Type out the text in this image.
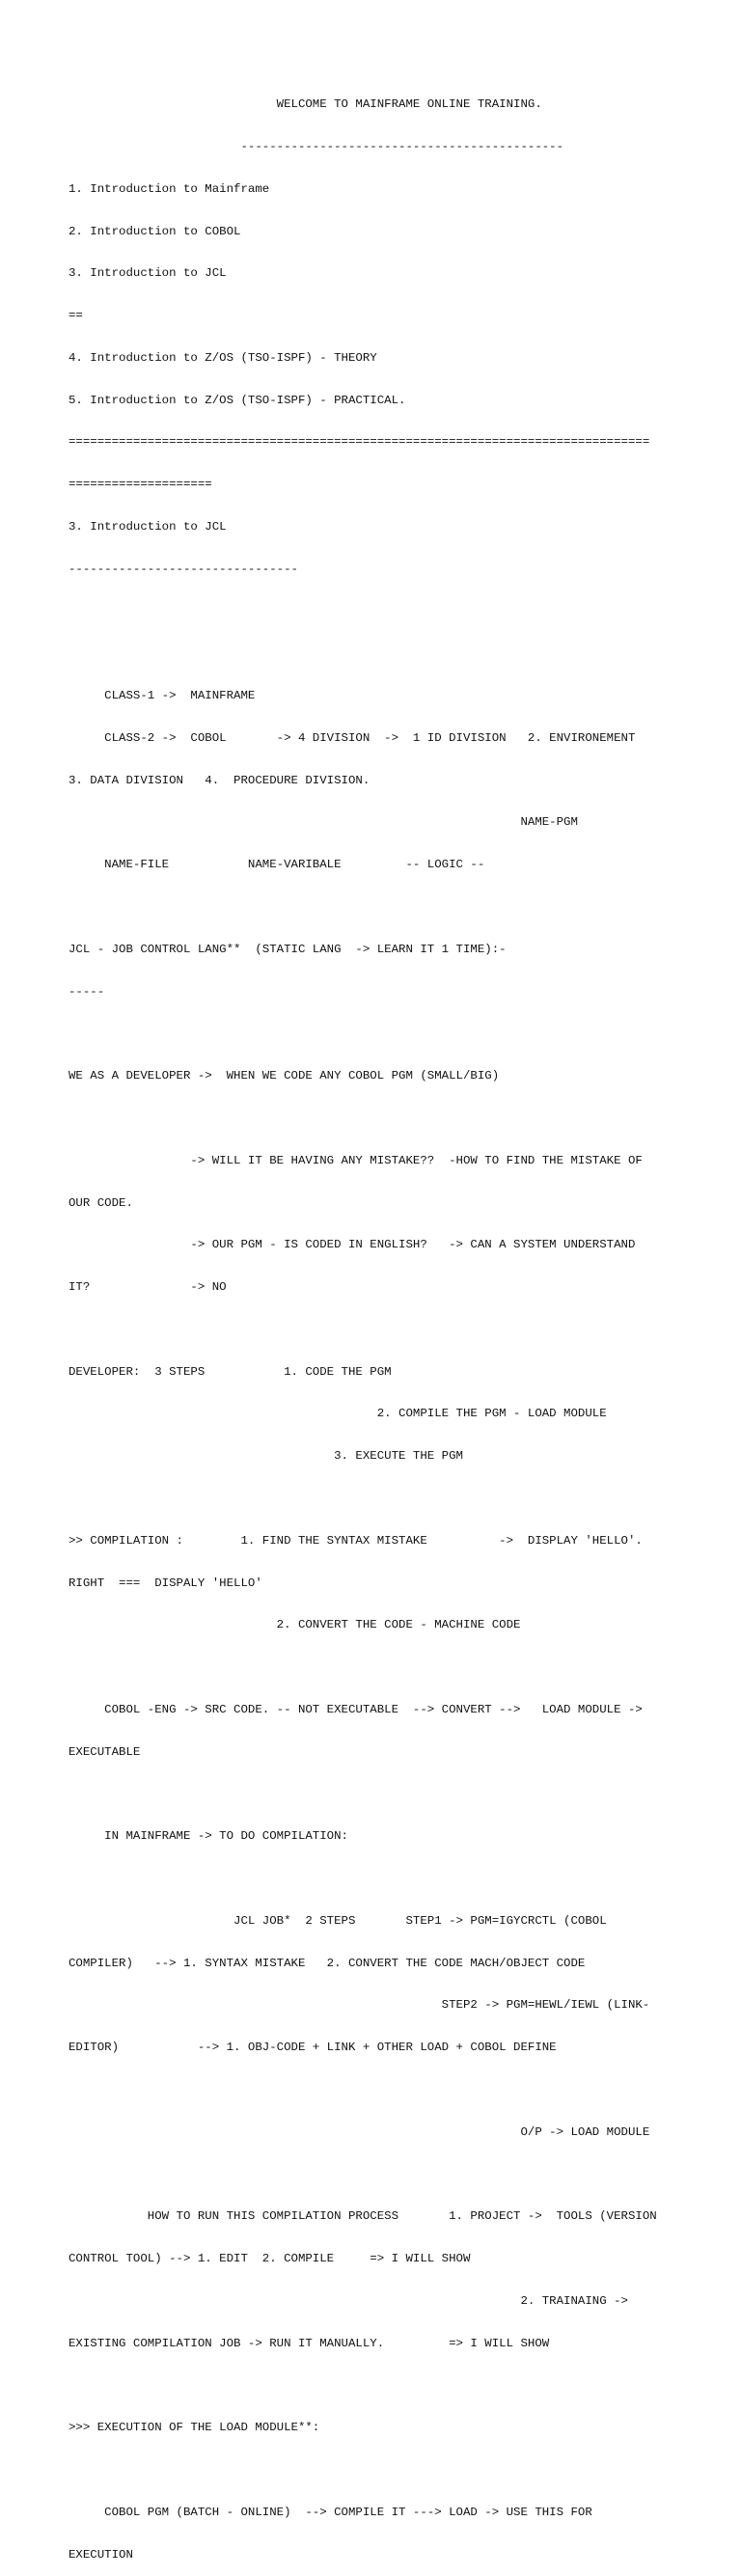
WELCOME TO MAINFRAME ONLINE TRAINING.

---------------------------------------------

1. Introduction to Mainframe

2. Introduction to COBOL

3. Introduction to JCL

==

4. Introduction to Z/OS (TSO-ISPF) - THEORY

5. Introduction to Z/OS (TSO-ISPF) - PRACTICAL.

=================================================================================

====================

3. Introduction to JCL

--------------------------------

CLASS-1 ->  MAINFRAME

CLASS-2 ->  COBOL       -> 4 DIVISION  ->  1 ID DIVISION   2. ENVIRONEMENT

3. DATA DIVISION   4.  PROCEDURE DIVISION.

NAME-PGM

NAME-FILE           NAME-VARIBALE         -- LOGIC --

JCL - JOB CONTROL LANG**  (STATIC LANG  -> LEARN IT 1 TIME):-

-----

WE AS A DEVELOPER ->  WHEN WE CODE ANY COBOL PGM (SMALL/BIG)

-> WILL IT BE HAVING ANY MISTAKE??  -HOW TO FIND THE MISTAKE OF

OUR CODE.

-> OUR PGM - IS CODED IN ENGLISH?   -> CAN A SYSTEM UNDERSTAND

IT?              -> NO

DEVELOPER:  3 STEPS           1. CODE THE PGM

2. COMPILE THE PGM - LOAD MODULE

3. EXECUTE THE PGM

>> COMPILATION :        1. FIND THE SYNTAX MISTAKE          ->  DISPLAY 'HELLO'.

RIGHT  ===  DISPALY 'HELLO'

2. CONVERT THE CODE - MACHINE CODE

COBOL -ENG -> SRC CODE. -- NOT EXECUTABLE  --> CONVERT -->   LOAD MODULE ->

EXECUTABLE

IN MAINFRAME -> TO DO COMPILATION:

JCL JOB*  2 STEPS       STEP1 -> PGM=IGYCRCTL (COBOL

COMPILER)   --> 1. SYNTAX MISTAKE   2. CONVERT THE CODE MACH/OBJECT CODE

STEP2 -> PGM=HEWL/IEWL (LINK-

EDITOR)           --> 1. OBJ-CODE + LINK + OTHER LOAD + COBOL DEFINE

O/P -> LOAD MODULE

HOW TO RUN THIS COMPILATION PROCESS       1. PROJECT ->  TOOLS (VERSION

CONTROL TOOL) --> 1. EDIT  2. COMPILE     => I WILL SHOW

2. TRAINAING ->

EXISTING COMPILATION JOB -> RUN IT MANUALLY.         => I WILL SHOW

>>> EXECUTION OF THE LOAD MODULE**:

COBOL PGM (BATCH - ONLINE)  --> COMPILE IT ---> LOAD -> USE THIS FOR

EXECUTION
